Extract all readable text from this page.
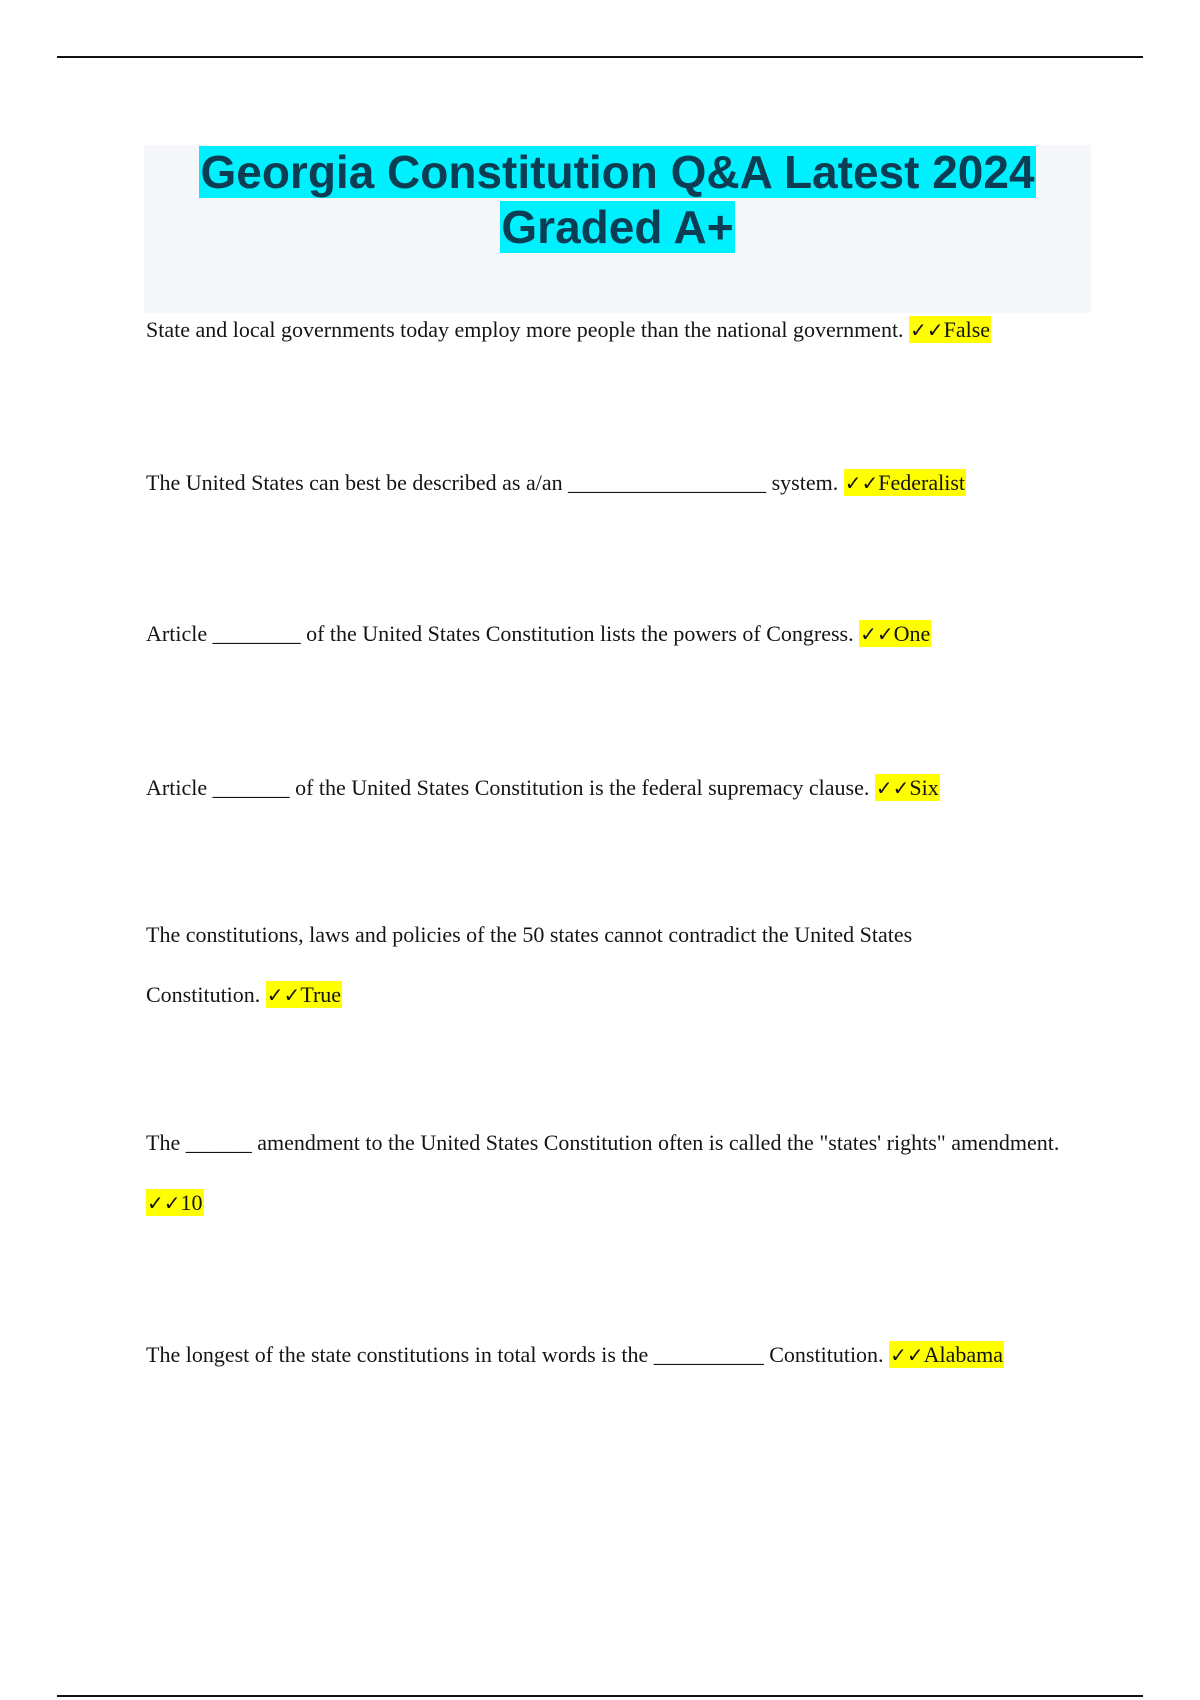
Georgia Constitution Q&A Latest 2024
Graded A+

State and local governments today employ more people than the national government. ✓✓False

The United States can best be described as a/an __________________ system. ✓✓Federalist

Article ________ of the United States Constitution lists the powers of Congress. ✓✓One

Article _______ of the United States Constitution is the federal supremacy clause. ✓✓Six

The constitutions, laws and policies of the 50 states cannot contradict the United States Constitution. ✓✓True

The ______ amendment to the United States Constitution often is called the "states' rights" amendment. ✓✓10

The longest of the state constitutions in total words is the __________ Constitution. ✓✓Alabama
